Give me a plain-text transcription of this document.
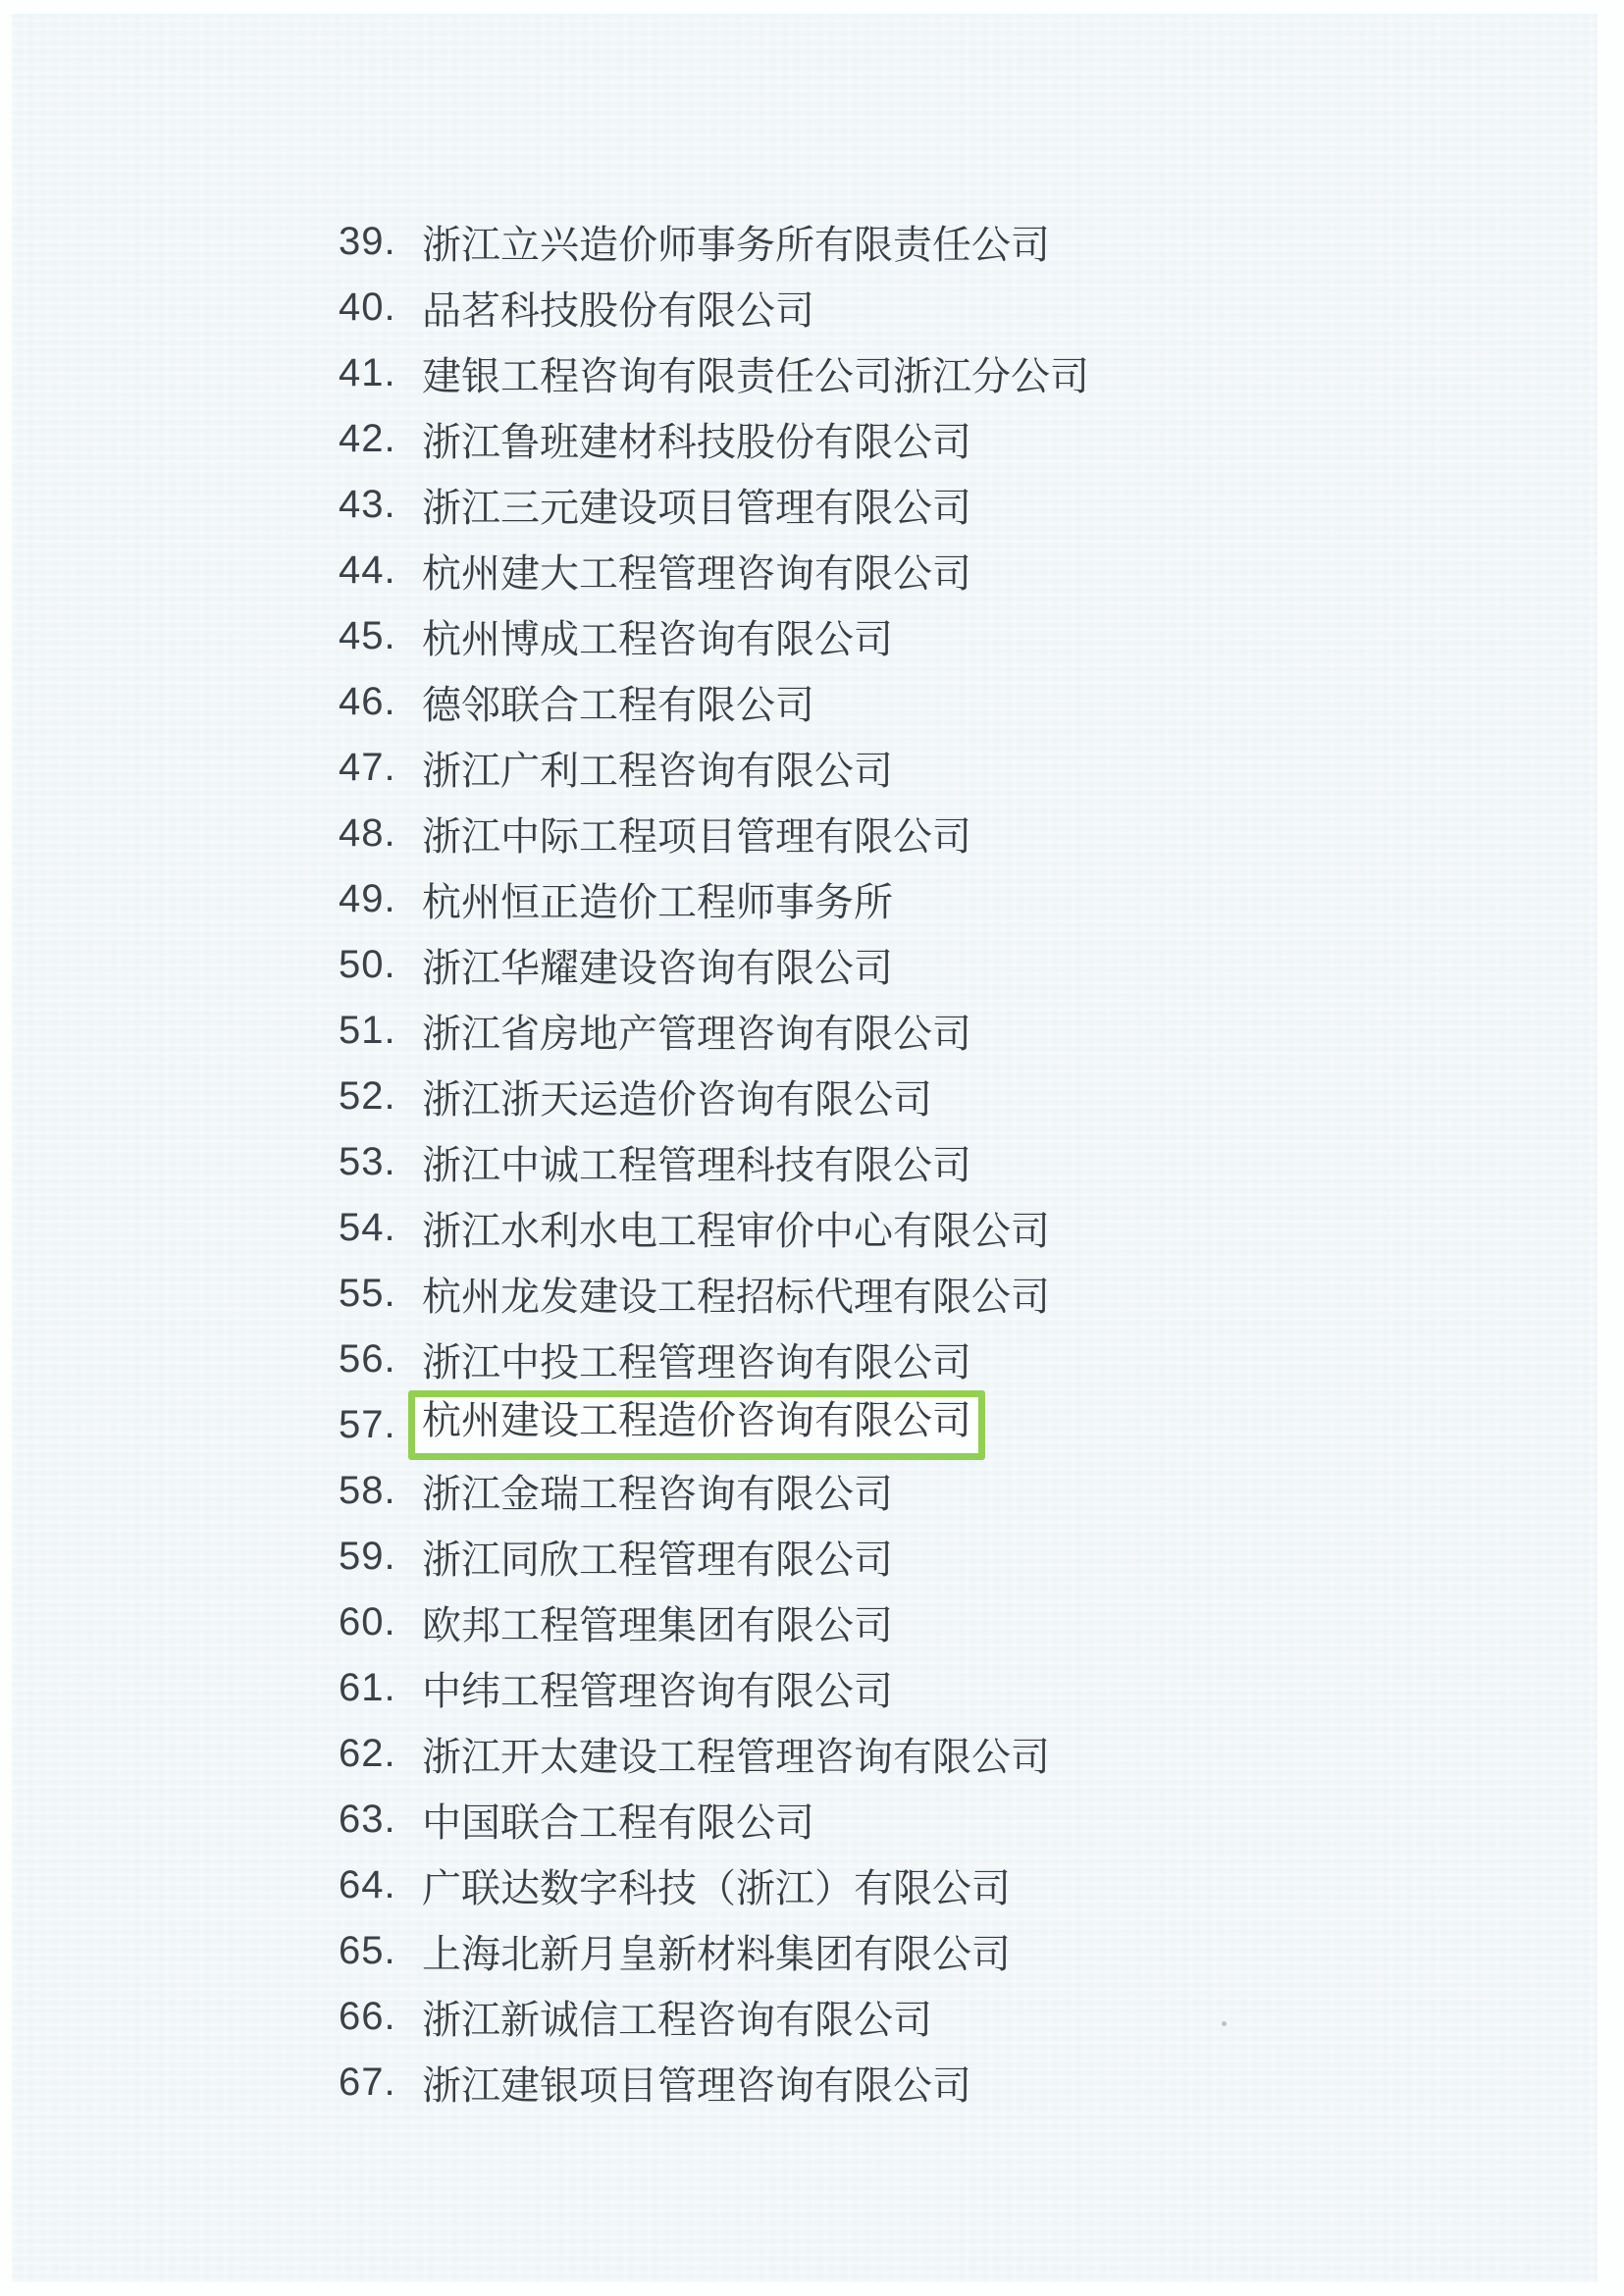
39. 浙江立兴造价师事务所有限责任公司
40. 品茗科技股份有限公司
41. 建银工程咨询有限责任公司浙江分公司
42. 浙江鲁班建材科技股份有限公司
43. 浙江三元建设项目管理有限公司
44. 杭州建大工程管理咨询有限公司
45. 杭州博成工程咨询有限公司
46. 德邻联合工程有限公司
47. 浙江广利工程咨询有限公司
48. 浙江中际工程项目管理有限公司
49. 杭州恒正造价工程师事务所
50. 浙江华耀建设咨询有限公司
51. 浙江省房地产管理咨询有限公司
52. 浙江浙天运造价咨询有限公司
53. 浙江中诚工程管理科技有限公司
54. 浙江水利水电工程审价中心有限公司
55. 杭州龙发建设工程招标代理有限公司
56. 浙江中投工程管理咨询有限公司
57. 杭州建设工程造价咨询有限公司
58. 浙江金瑞工程咨询有限公司
59. 浙江同欣工程管理有限公司
60. 欧邦工程管理集团有限公司
61. 中纬工程管理咨询有限公司
62. 浙江开太建设工程管理咨询有限公司
63. 中国联合工程有限公司
64. 广联达数字科技（浙江）有限公司
65. 上海北新月皇新材料集团有限公司
66. 浙江新诚信工程咨询有限公司
67. 浙江建银项目管理咨询有限公司
